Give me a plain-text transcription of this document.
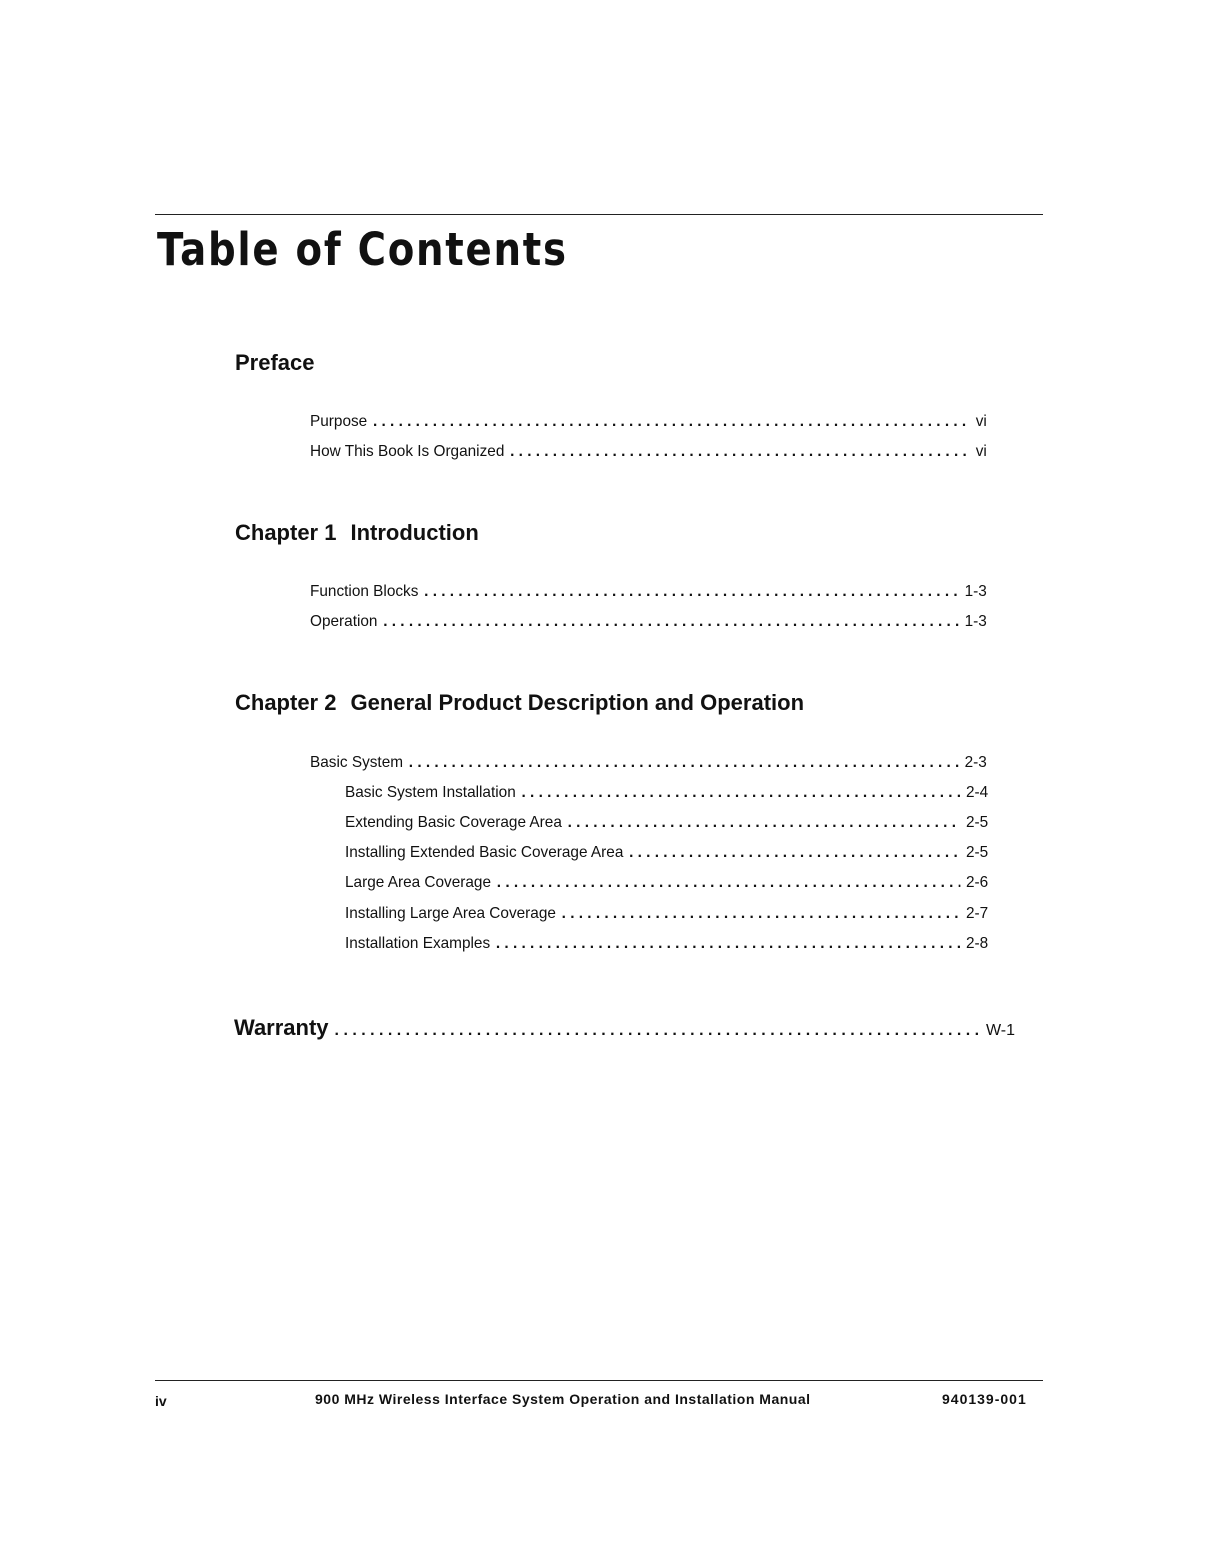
Table of Contents
Preface
Purpose . . .	vi
How This Book Is Organized . . .	vi
Chapter 1 Introduction
Function Blocks . . .	1-3
Operation . . .	1-3
Chapter 2 General Product Description and Operation
Basic System . . .	2-3
Basic System Installation . . .	2-4
Extending Basic Coverage Area . . .	2-5
Installing Extended Basic Coverage Area . . .	2-5
Large Area Coverage . . .	2-6
Installing Large Area Coverage . . .	2-7
Installation Examples . . .	2-8
Warranty . . .	W-1
iv	900 MHz Wireless Interface System Operation and Installation Manual	940139-001
